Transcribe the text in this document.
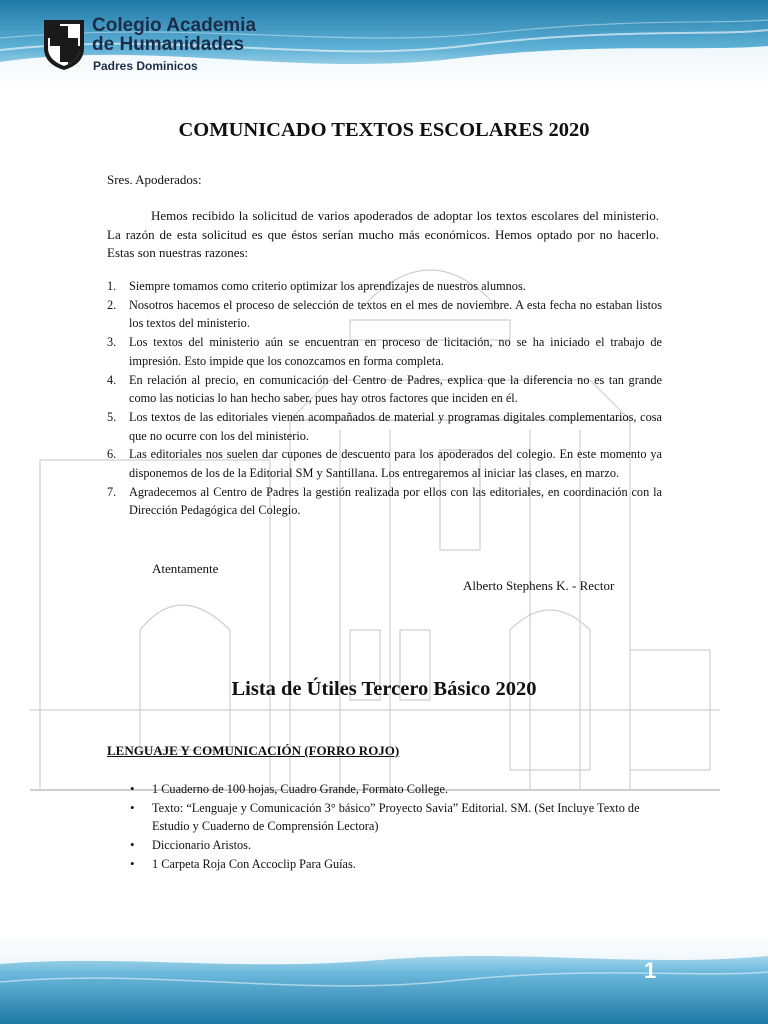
Colegio Academia
de Humanidades
Padres Dominicos
COMUNICADO TEXTOS ESCOLARES 2020
Sres. Apoderados:

Hemos recibido la solicitud de varios apoderados de adoptar los textos escolares del ministerio. La razón de esta solicitud es que éstos serían mucho más económicos. Hemos optado por no hacerlo. Estas son nuestras razones:

1. Siempre tomamos como criterio optimizar los aprendizajes de nuestros alumnos.
2. Nosotros hacemos el proceso de selección de textos en el mes de noviembre. A esta fecha no estaban listos los textos del ministerio.
3. Los textos del ministerio aún se encuentran en proceso de licitación, no se ha iniciado el trabajo de impresión. Esto impide que los conozcamos en forma completa.
4. En relación al precio, en comunicación del Centro de Padres, explica que la diferencia no es tan grande como las noticias lo han hecho saber, pues hay otros factores que inciden en él.
5. Los textos de las editoriales vienen acompañados de material y programas digitales complementarios, cosa que no ocurre con los del ministerio.
6. Las editoriales nos suelen dar cupones de descuento para los apoderados del colegio. En este momento ya disponemos de los de la Editorial SM y Santillana. Los entregaremos al iniciar las clases, en marzo.
7. Agradecemos al Centro de Padres la gestión realizada por ellos con las editoriales, en coordinación con la Dirección Pedagógica del Colegio.
Atentamente
Alberto Stephens K. - Rector
Lista de Útiles Tercero Básico 2020
LENGUAJE Y COMUNICACIÓN (FORRO ROJO)
• 1 Cuaderno de 100 hojas, Cuadro Grande, Formato College.
• Texto: “Lenguaje y Comunicación 3° básico” Proyecto Savia” Editorial. SM. (Set Incluye Texto de Estudio y Cuaderno de Comprensión Lectora)
• Diccionario Aristos.
• 1 Carpeta Roja Con Accoclip Para Guías.
1
